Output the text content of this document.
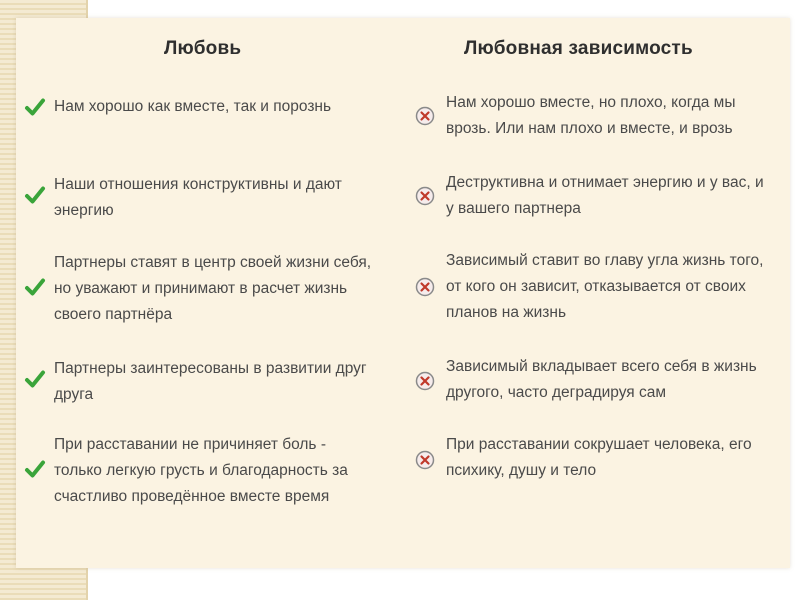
Любовь
Нам хорошо как вместе, так и порознь
Наши отношения конструктивны и дают
энергию
Партнеры ставят в центр своей жизни себя,
но уважают и принимают в расчет жизнь
своего партнёра
Партнеры заинтересованы в развитии друг
друга
При расставании не причиняет боль -
только легкую грусть и благодарность за
счастливо проведённое вместе время
Любовная зависимость
Нам хорошо вместе, но плохо, когда мы
врозь. Или нам плохо и вместе, и врозь
Деструктивна и отнимает энергию и у вас, и
у вашего партнера
Зависимый ставит во главу угла жизнь того,
от кого он зависит, отказывается от своих
планов на жизнь
Зависимый вкладывает всего себя в жизнь
другого, часто деградируя сам
При расставании сокрушает человека, его
психику, душу и тело
